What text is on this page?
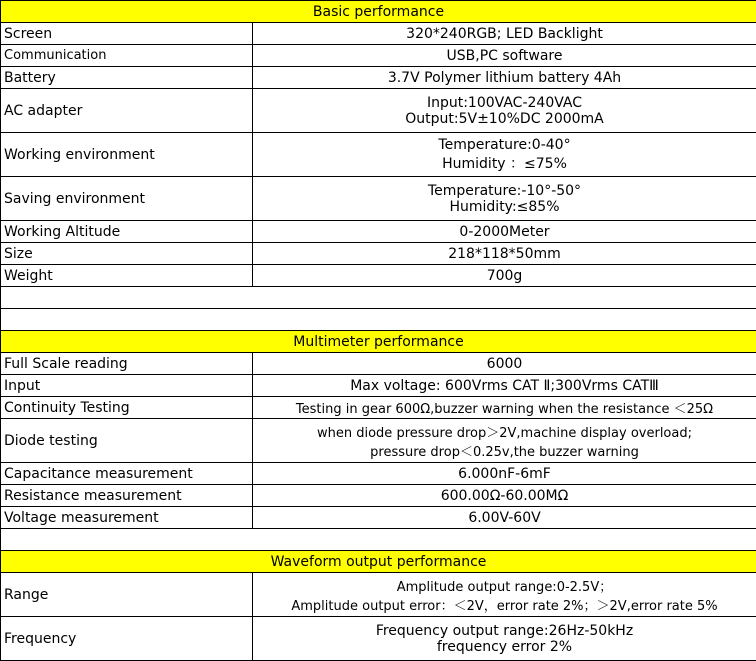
Basic performance	
Screen	320*240RGB; LED Backlight
Communication	USB,PC software
Battery	3.7V Polymer lithium battery 4Ah
AC adapter	Input:100VAC-240VAC
Output:5V±10%DC 2000mA

Working environment	Temperature:0-40°
Humidity ：≤75%

Saving environment	Temperature:-10°-50°
Humidity:≤85%

Working Altitude	0-2000Meter
Size	218*118*50mm
Weight	700g

Multimeter performance	
Full Scale reading	6000
Input	Max voltage: 600Vrms CAT Ⅱ;300Vrms CATⅢ
Continuity Testing	Testing in gear 600Ω,buzzer warning when the resistance ＜25Ω
Diode testing	when diode pressure drop＞2V,machine display overload;
pressure drop＜0.25v,the buzzer warning

Capacitance measurement	6.000nF-6mF
Resistance measurement	600.00Ω-60.00MΩ
Voltage measurement	6.00V-60V

Waveform output performance	
Range	Amplitude output range:0-2.5V；
Amplitude output error：＜2V，error rate 2%；＞2V,error rate 5%

Frequency	Frequency output range:26Hz-50kHz
frequency error 2%
